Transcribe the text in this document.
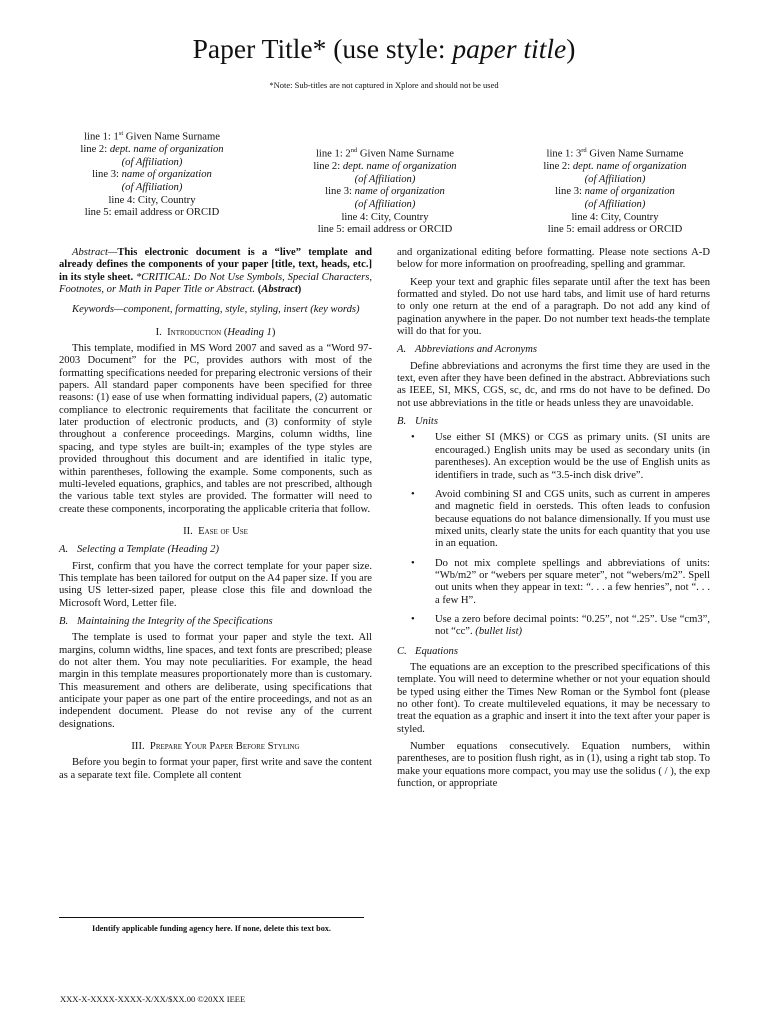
Paper Title* (use style: paper title)
*Note: Sub-titles are not captured in Xplore and should not be used
line 1: 1st Given Name Surname
line 2: dept. name of organization
(of Affiliation)
line 3: name of organization
(of Affiliation)
line 4: City, Country
line 5: email address or ORCID
line 1: 2nd Given Name Surname
line 2: dept. name of organization
(of Affiliation)
line 3: name of organization
(of Affiliation)
line 4: City, Country
line 5: email address or ORCID
line 1: 3rd Given Name Surname
line 2: dept. name of organization
(of Affiliation)
line 3: name of organization
(of Affiliation)
line 4: City, Country
line 5: email address or ORCID

Abstract—This electronic document is a “live” template and already defines the components of your paper [title, text, heads, etc.] in its style sheet. *CRITICAL: Do Not Use Symbols, Special Characters, Footnotes, or Math in Paper Title or Abstract. (Abstract)

Keywords—component, formatting, style, styling, insert (key words)

I. Introduction (Heading 1)

This template, modified in MS Word 2007 and saved as a “Word 97-2003 Document” for the PC, provides authors with most of the formatting specifications needed for preparing electronic versions of their papers. All standard paper components have been specified for three reasons: (1) ease of use when formatting individual papers, (2) automatic compliance to electronic requirements that facilitate the concurrent or later production of electronic products, and (3) conformity of style throughout a conference proceedings. Margins, column widths, line spacing, and type styles are built-in; examples of the type styles are provided throughout this document and are identified in italic type, within parentheses, following the example. Some components, such as multi-leveled equations, graphics, and tables are not prescribed, although the various table text styles are provided. The formatter will need to create these components, incorporating the applicable criteria that follow.

II. Ease of Use
A. Selecting a Template (Heading 2)

First, confirm that you have the correct template for your paper size. This template has been tailored for output on the A4 paper size. If you are using US letter-sized paper, please close this file and download the Microsoft Word, Letter file.

B. Maintaining the Integrity of the Specifications

The template is used to format your paper and style the text. All margins, column widths, line spaces, and text fonts are prescribed; please do not alter them. You may note peculiarities. For example, the head margin in this template measures proportionately more than is customary. This measurement and others are deliberate, using specifications that anticipate your paper as one part of the entire proceedings, and not as an independent document. Please do not revise any of the current designations.

III. Prepare Your Paper Before Styling

Before you begin to format your paper, first write and save the content as a separate text file. Complete all content

and organizational editing before formatting. Please note sections A-D below for more information on proofreading, spelling and grammar.

Keep your text and graphic files separate until after the text has been formatted and styled. Do not use hard tabs, and limit use of hard returns to only one return at the end of a paragraph. Do not add any kind of pagination anywhere in the paper. Do not number text heads-the template will do that for you.

A. Abbreviations and Acronyms

Define abbreviations and acronyms the first time they are used in the text, even after they have been defined in the abstract. Abbreviations such as IEEE, SI, MKS, CGS, sc, dc, and rms do not have to be defined. Do not use abbreviations in the title or heads unless they are unavoidable.

B. Units
• Use either SI (MKS) or CGS as primary units. (SI units are encouraged.) English units may be used as secondary units (in parentheses). An exception would be the use of English units as identifiers in trade, such as “3.5-inch disk drive”.
• Avoid combining SI and CGS units, such as current in amperes and magnetic field in oersteds. This often leads to confusion because equations do not balance dimensionally. If you must use mixed units, clearly state the units for each quantity that you use in an equation.
• Do not mix complete spellings and abbreviations of units: “Wb/m2” or “webers per square meter”, not “webers/m2”. Spell out units when they appear in text: “. . . a few henries”, not “. . . a few H”.
• Use a zero before decimal points: “0.25”, not “.25”. Use “cm3”, not “cc”. (bullet list)
C. Equations

The equations are an exception to the prescribed specifications of this template. You will need to determine whether or not your equation should be typed using either the Times New Roman or the Symbol font (please no other font). To create multileveled equations, it may be necessary to treat the equation as a graphic and insert it into the text after your paper is styled.

Number equations consecutively. Equation numbers, within parentheses, are to position flush right, as in (1), using a right tab stop. To make your equations more compact, you may use the solidus ( / ), the exp function, or appropriate

Identify applicable funding agency here. If none, delete this text box.
XXX-X-XXXX-XXXX-X/XX/$XX.00 ©20XX IEEE
